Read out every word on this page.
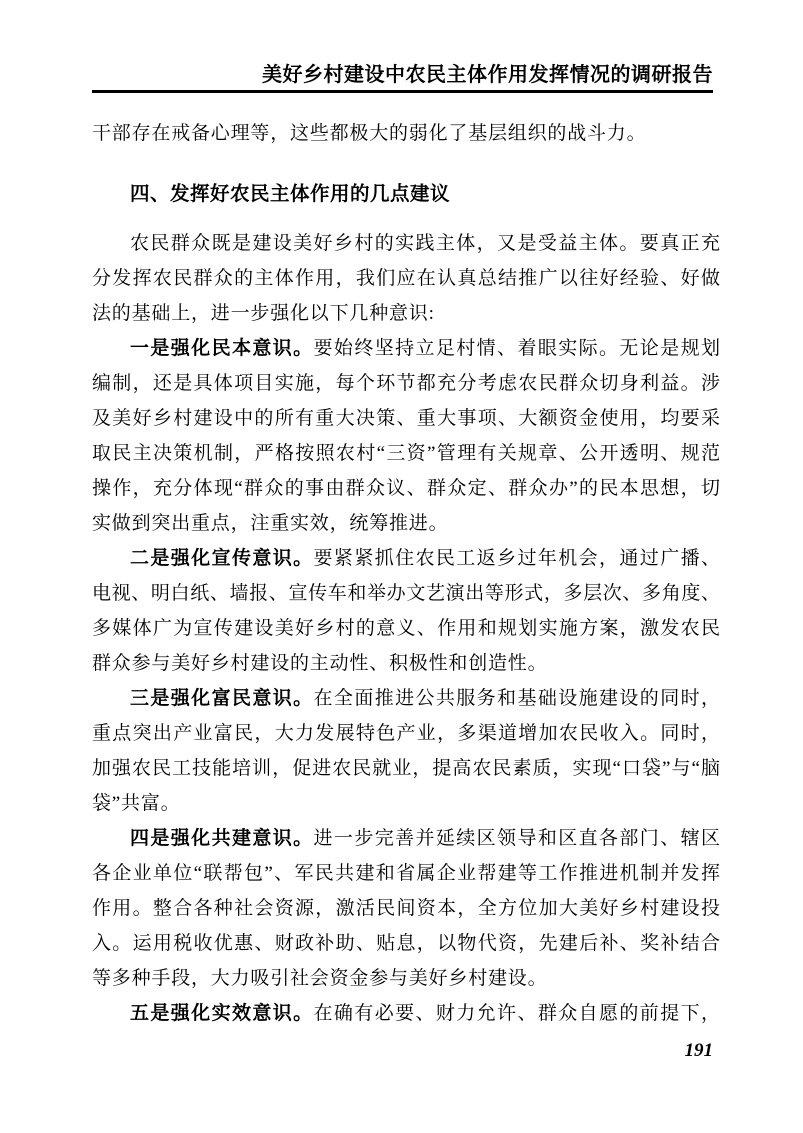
美好乡村建设中农民主体作用发挥情况的调研报告
干部存在戒备心理等，这些都极大的弱化了基层组织的战斗力。
四、发挥好农民主体作用的几点建议
农民群众既是建设美好乡村的实践主体，又是受益主体。要真正充
分发挥农民群众的主体作用，我们应在认真总结推广以往好经验、好做
法的基础上，进一步强化以下几种意识:
一是强化民本意识。要始终坚持立足村情、着眼实际。无论是规划
编制，还是具体项目实施，每个环节都充分考虑农民群众切身利益。涉
及美好乡村建设中的所有重大决策、重大事项、大额资金使用，均要采
取民主决策机制，严格按照农村“三资”管理有关规章、公开透明、规范
操作，充分体现“群众的事由群众议、群众定、群众办”的民本思想，切
实做到突出重点，注重实效，统筹推进。
二是强化宣传意识。要紧紧抓住农民工返乡过年机会，通过广播、
电视、明白纸、墙报、宣传车和举办文艺演出等形式，多层次、多角度、
多媒体广为宣传建设美好乡村的意义、作用和规划实施方案，激发农民
群众参与美好乡村建设的主动性、积极性和创造性。
三是强化富民意识。在全面推进公共服务和基础设施建设的同时，
重点突出产业富民，大力发展特色产业，多渠道增加农民收入。同时，
加强农民工技能培训，促进农民就业，提高农民素质，实现“口袋”与“脑
袋”共富。
四是强化共建意识。进一步完善并延续区领导和区直各部门、辖区
各企业单位“联帮包”、军民共建和省属企业帮建等工作推进机制并发挥
作用。整合各种社会资源，激活民间资本，全方位加大美好乡村建设投
入。运用税收优惠、财政补助、贴息，以物代资，先建后补、奖补结合
等多种手段，大力吸引社会资金参与美好乡村建设。
五是强化实效意识。在确有必要、财力允许、群众自愿的前提下，
191
